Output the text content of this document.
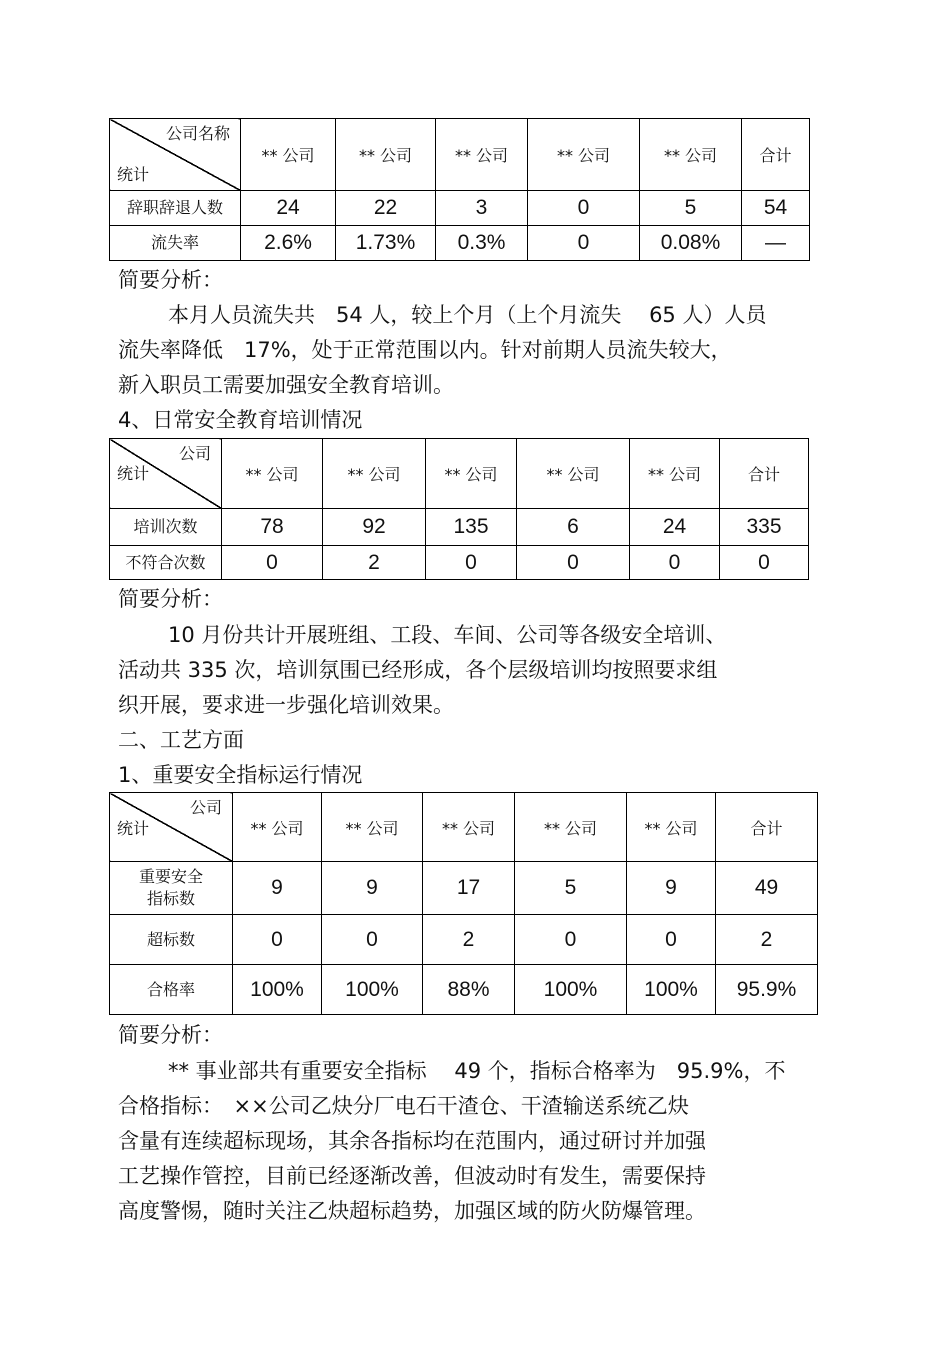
公司名称
统计	** 公司	** 公司	** 公司	** 公司	** 公司	合计
辞职辞退人数	24	22	3	0	5	54
流失率	2.6%	1.73%	0.3%	0	0.08%	—
简要分析：
本月人员流失共　54 人，较上个月（上个月流失　 65 人）人员
流失率降低　17%，处于正常范围以内。针对前期人员流失较大，
新入职员工需要加强安全教育培训。
4、日常安全教育培训情况
公司
统计	** 公司	** 公司	** 公司	** 公司	** 公司	合计
培训次数	78	92	135	6	24	335
不符合次数	0	2	0	0	0	0
简要分析：
10 月份共计开展班组、工段、车间、公司等各级安全培训、
活动共 335 次，培训氛围已经形成，各个层级培训均按照要求组
织开展，要求进一步强化培训效果。
二、工艺方面
1、重要安全指标运行情况
公司
统计	** 公司	** 公司	** 公司	** 公司	** 公司	合计

重要安全
指标数	9	9	17	5	9	49
超标数	0	0	2	0	0	2
合格率	100%	100%	88%	100%	100%	95.9%
简要分析：
** 事业部共有重要安全指标　 49 个，指标合格率为　95.9%，不
合格指标：　××公司乙炔分厂电石干渣仓、干渣输送系统乙炔
含量有连续超标现场，其余各指标均在范围内，通过研讨并加强
工艺操作管控，目前已经逐渐改善，但波动时有发生，需要保持
高度警惕，随时关注乙炔超标趋势，加强区域的防火防爆管理。
